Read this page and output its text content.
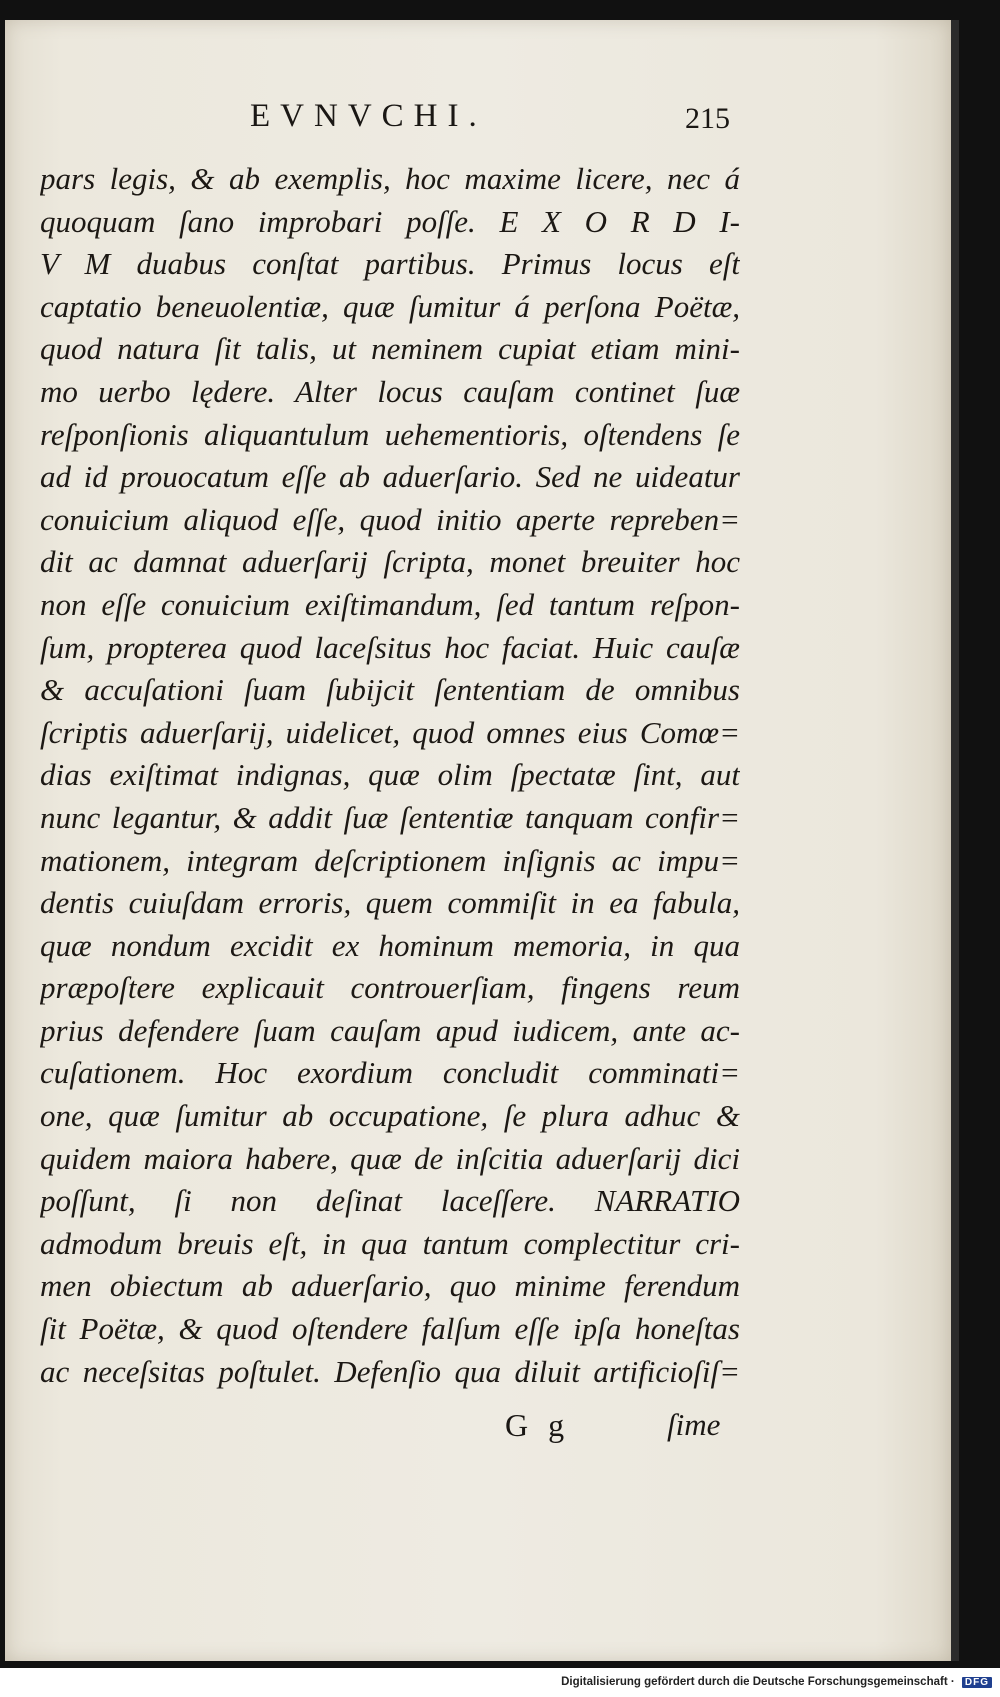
EVNVCHI.	215
pars legis, & ab exemplis, hoc maxime licere, nec á
quoquam ſano improbari poſſe. E X O R D I-
V M duabus conſtat partibus. Primus locus eſt
captatio beneuolentiæ, quæ ſumitur á perſona Poëtæ,
quod natura ſit talis, ut neminem cupiat etiam mini-
mo uerbo lędere. Alter locus cauſam continet ſuæ
reſponſionis aliquantulum uehementioris, oſtendens ſe
ad id prouocatum eſſe ab aduerſario. Sed ne uideatur
conuicium aliquod eſſe, quod initio aperte repreben=
dit ac damnat aduerſarij ſcripta, monet breuiter hoc
non eſſe conuicium exiſtimandum, ſed tantum reſpon-
ſum, propterea quod laceſsitus hoc faciat. Huic cauſæ
& accuſationi ſuam ſubijcit ſententiam de omnibus
ſcriptis aduerſarij, uidelicet, quod omnes eius Comœ=
dias exiſtimat indignas, quæ olim ſpectatæ ſint, aut
nunc legantur, & addit ſuæ ſententiæ tanquam confir=
mationem, integram deſcriptionem inſignis ac impu=
dentis cuiuſdam erroris, quem commiſit in ea fabula,
quæ nondum excidit ex hominum memoria, in qua
præpoſtere explicauit controuerſiam, fingens reum
prius defendere ſuam cauſam apud iudicem, ante ac-
cuſationem. Hoc exordium concludit comminati=
one, quæ ſumitur ab occupatione, ſe plura adhuc &
quidem maiora habere, quæ de inſcitia aduerſarij dici
poſſunt, ſi non deſinat laceſſere. NARRATIO
admodum breuis eſt, in qua tantum complectitur cri-
men obiectum ab aduerſario, quo minime ferendum
ſit Poëtæ, & quod oſtendere falſum eſſe ipſa honeſtas
ac neceſsitas poſtulet. Defenſio qua diluit artificioſiſ=
G g	ſime
Digitalisierung gefördert durch die Deutsche Forschungsgemeinschaft · DFG
